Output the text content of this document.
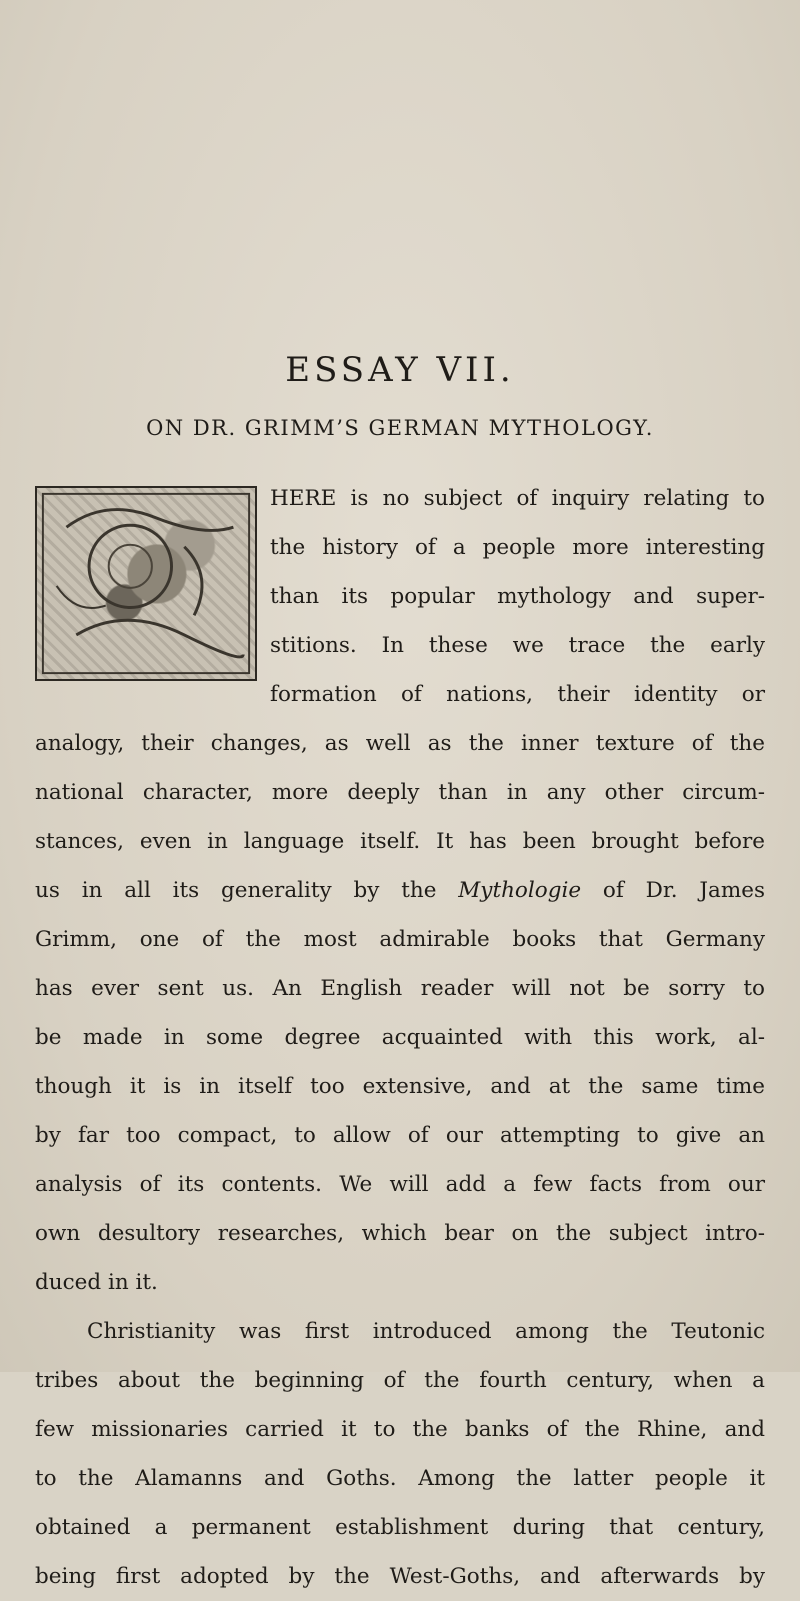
ESSAY VII.
ON DR. GRIMM’S GERMAN MYTHOLOGY.
HERE is no subject of inquiry relating to
the history of a people more interesting
than its popular mythology and super-
stitions. In these we trace the early
formation of nations, their identity or
analogy, their changes, as well as the inner texture of the
national character, more deeply than in any other circum-
stances, even in language itself. It has been brought before
us in all its generality by the Mythologie of Dr. James
Grimm, one of the most admirable books that Germany
has ever sent us. An English reader will not be sorry to
be made in some degree acquainted with this work, al-
though it is in itself too extensive, and at the same time
by far too compact, to allow of our attempting to give an
analysis of its contents. We will add a few facts from our
own desultory researches, which bear on the subject intro-
duced in it.
Christianity was first introduced among the Teutonic
tribes about the beginning of the fourth century, when a
few missionaries carried it to the banks of the Rhine, and
to the Alamanns and Goths. Among the latter people it
obtained a permanent establishment during that century,
being first adopted by the West-Goths, and afterwards by
